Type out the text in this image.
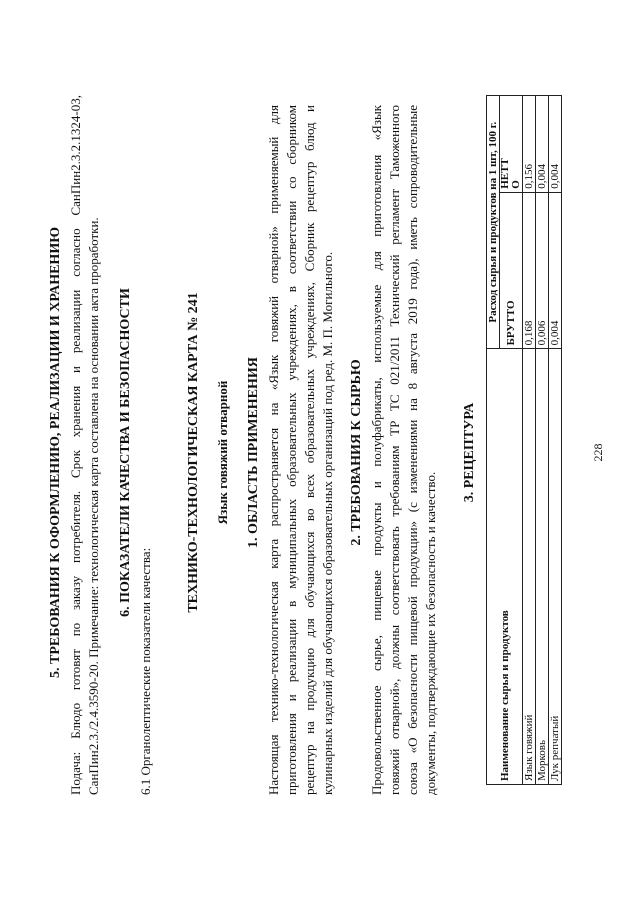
5. ТРЕБОВАНИЯ К ОФОРМЛЕНИЮ, РЕАЛИЗАЦИИ И ХРАНЕНИЮ Подача: Блюдо готовят по заказу потребителя. Срок хранения и реализации согласно СанПин2.3.2.1324-03, СанПин2.3./2.4.3590-20. Примечание: технологическая карта составлена на основании акта проработки. 6. ПОКАЗАТЕЛИ КАЧЕСТВА И БЕЗОПАСНОСТИ
6.1 Органолептические показатели качества:
ТЕХНИКО-ТЕХНОЛОГИЧЕСКАЯ КАРТА № 241 Язык говяжий отварной 1. ОБЛАСТЬ ПРИМЕНЕНИЯ Настоящая технико-технологическая карта распространяется на «Язык говяжий отварной» применяемый для приготовления и реализации в муниципальных образовательных учреждениях, в соответствии со сборником рецептур на продукцию для обучающихся во всех образовательных учреждениях, Сборник рецептур блюд и кулинарных изделий для обучающихся образовательных организаций под ред. М. П. Могильного. 2. ТРЕБОВАНИЯ К СЫРЬЮ Продовольственное сырье, пищевые продукты и полуфабрикаты, используемые для приготовления «Язык говяжий отварной», должны соответствовать требованиям ТР ТС 021/2011 Технический регламент Таможенного союза «О безопасности пищевой продукции» (с изменениями на 8 августа 2019 года), иметь сопроводительные документы, подтверждающие их безопасность и качество.
3. РЕЦЕПТУРА
Наименование сырья и продуктов	Расход сырья и продуктов на 1 шт, 100 г.	
	БРУТТО	НЕТТ
О
Язык говяжий	0,168	0,156
Морковь	0,006	0,004
Лук репчатый	0,004	0,004
228
